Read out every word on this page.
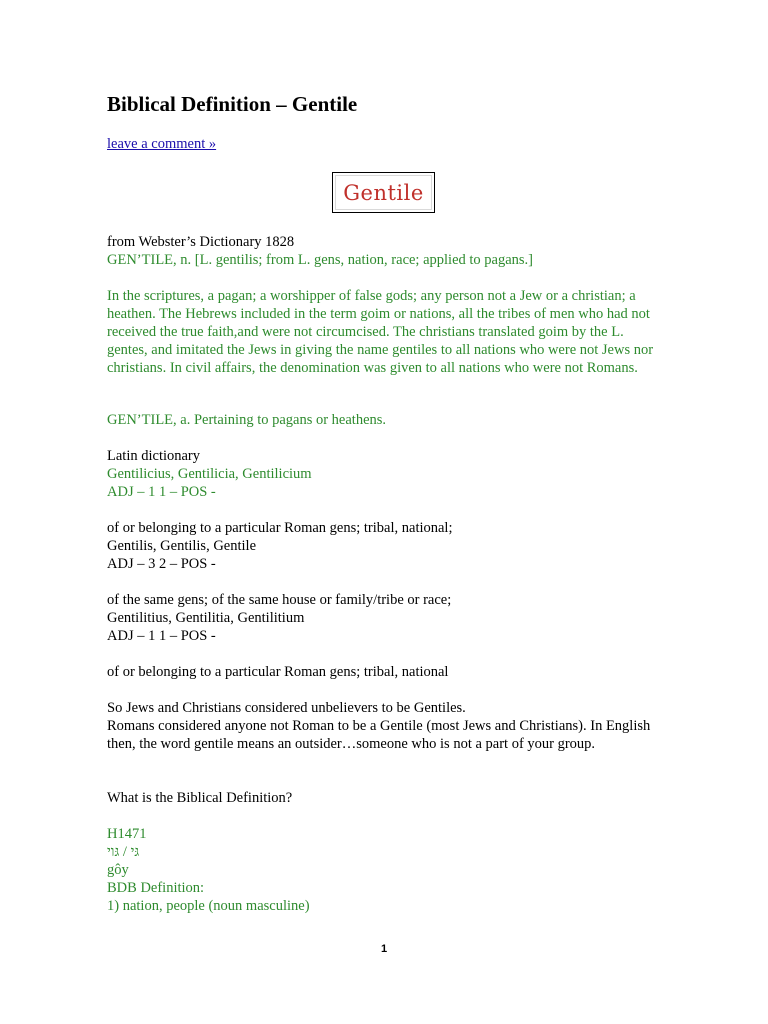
Biblical Definition – Gentile
leave a comment »
Gentile
from Webster’s Dictionary 1828
GEN’TILE, n. [L. gentilis; from L. gens, nation, race; applied to pagans.]
In the scriptures, a pagan; a worshipper of false gods; any person not a Jew or a christian; a heathen. The Hebrews included in the term goim or nations, all the tribes of men who had not received the true faith,and were not circumcised. The christians translated goim by the L. gentes, and imitated the Jews in giving the name gentiles to all nations who were not Jews nor christians. In civil affairs, the denomination was given to all nations who were not Romans.
GEN’TILE, a. Pertaining to pagans or heathens.
Latin dictionary
Gentilicius, Gentilicia, Gentilicium
ADJ – 1 1 – POS -
of or belonging to a particular Roman gens; tribal, national;
Gentilis, Gentilis, Gentile
ADJ – 3 2 – POS -
of the same gens; of the same house or family/tribe or race;
Gentilitius, Gentilitia, Gentilitium
ADJ – 1 1 – POS -
of or belonging to a particular Roman gens; tribal, national
So Jews and Christians considered unbelievers to be Gentiles.
Romans considered anyone not Roman to be a Gentile (most Jews and Christians). In English then, the word gentile means an outsider…someone who is not a part of your group.
What is the Biblical Definition?
H1471
גּי / גּוי
gôy
BDB Definition:
1) nation, people (noun masculine)
1
